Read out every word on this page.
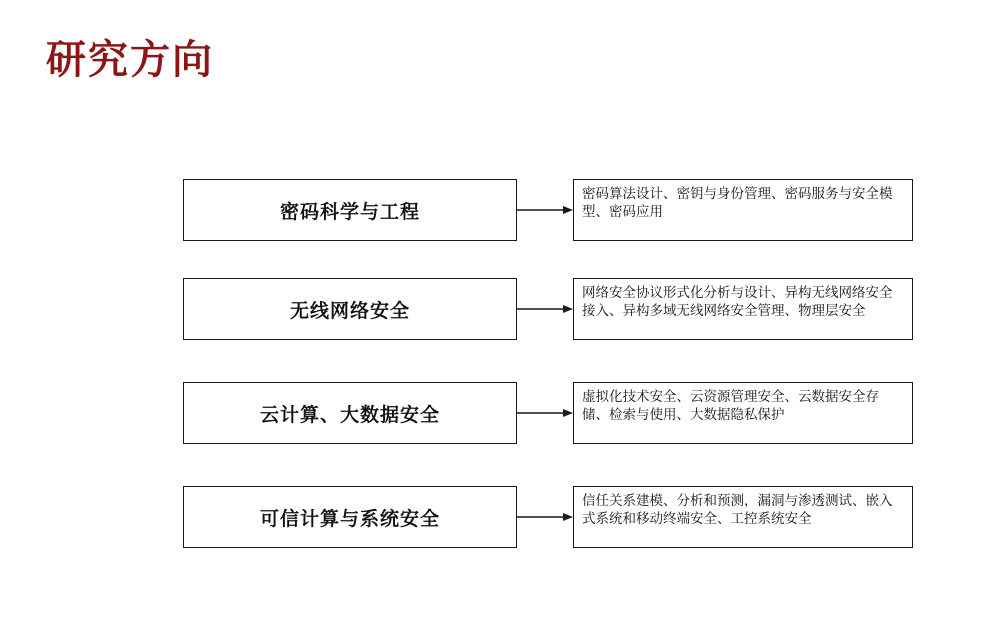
研究方向
密码科学与工程
密码算法设计、密钥与身份管理、密码服务与安全模型、密码应用
无线网络安全
网络安全协议形式化分析与设计、异构无线网络安全接入、异构多域无线网络安全管理、物理层安全
云计算、大数据安全
虚拟化技术安全、云资源管理安全、云数据安全存储、检索与使用、大数据隐私保护
可信计算与系统安全
信任关系建模、分析和预测，漏洞与渗透测试、嵌入式系统和移动终端安全、工控系统安全
